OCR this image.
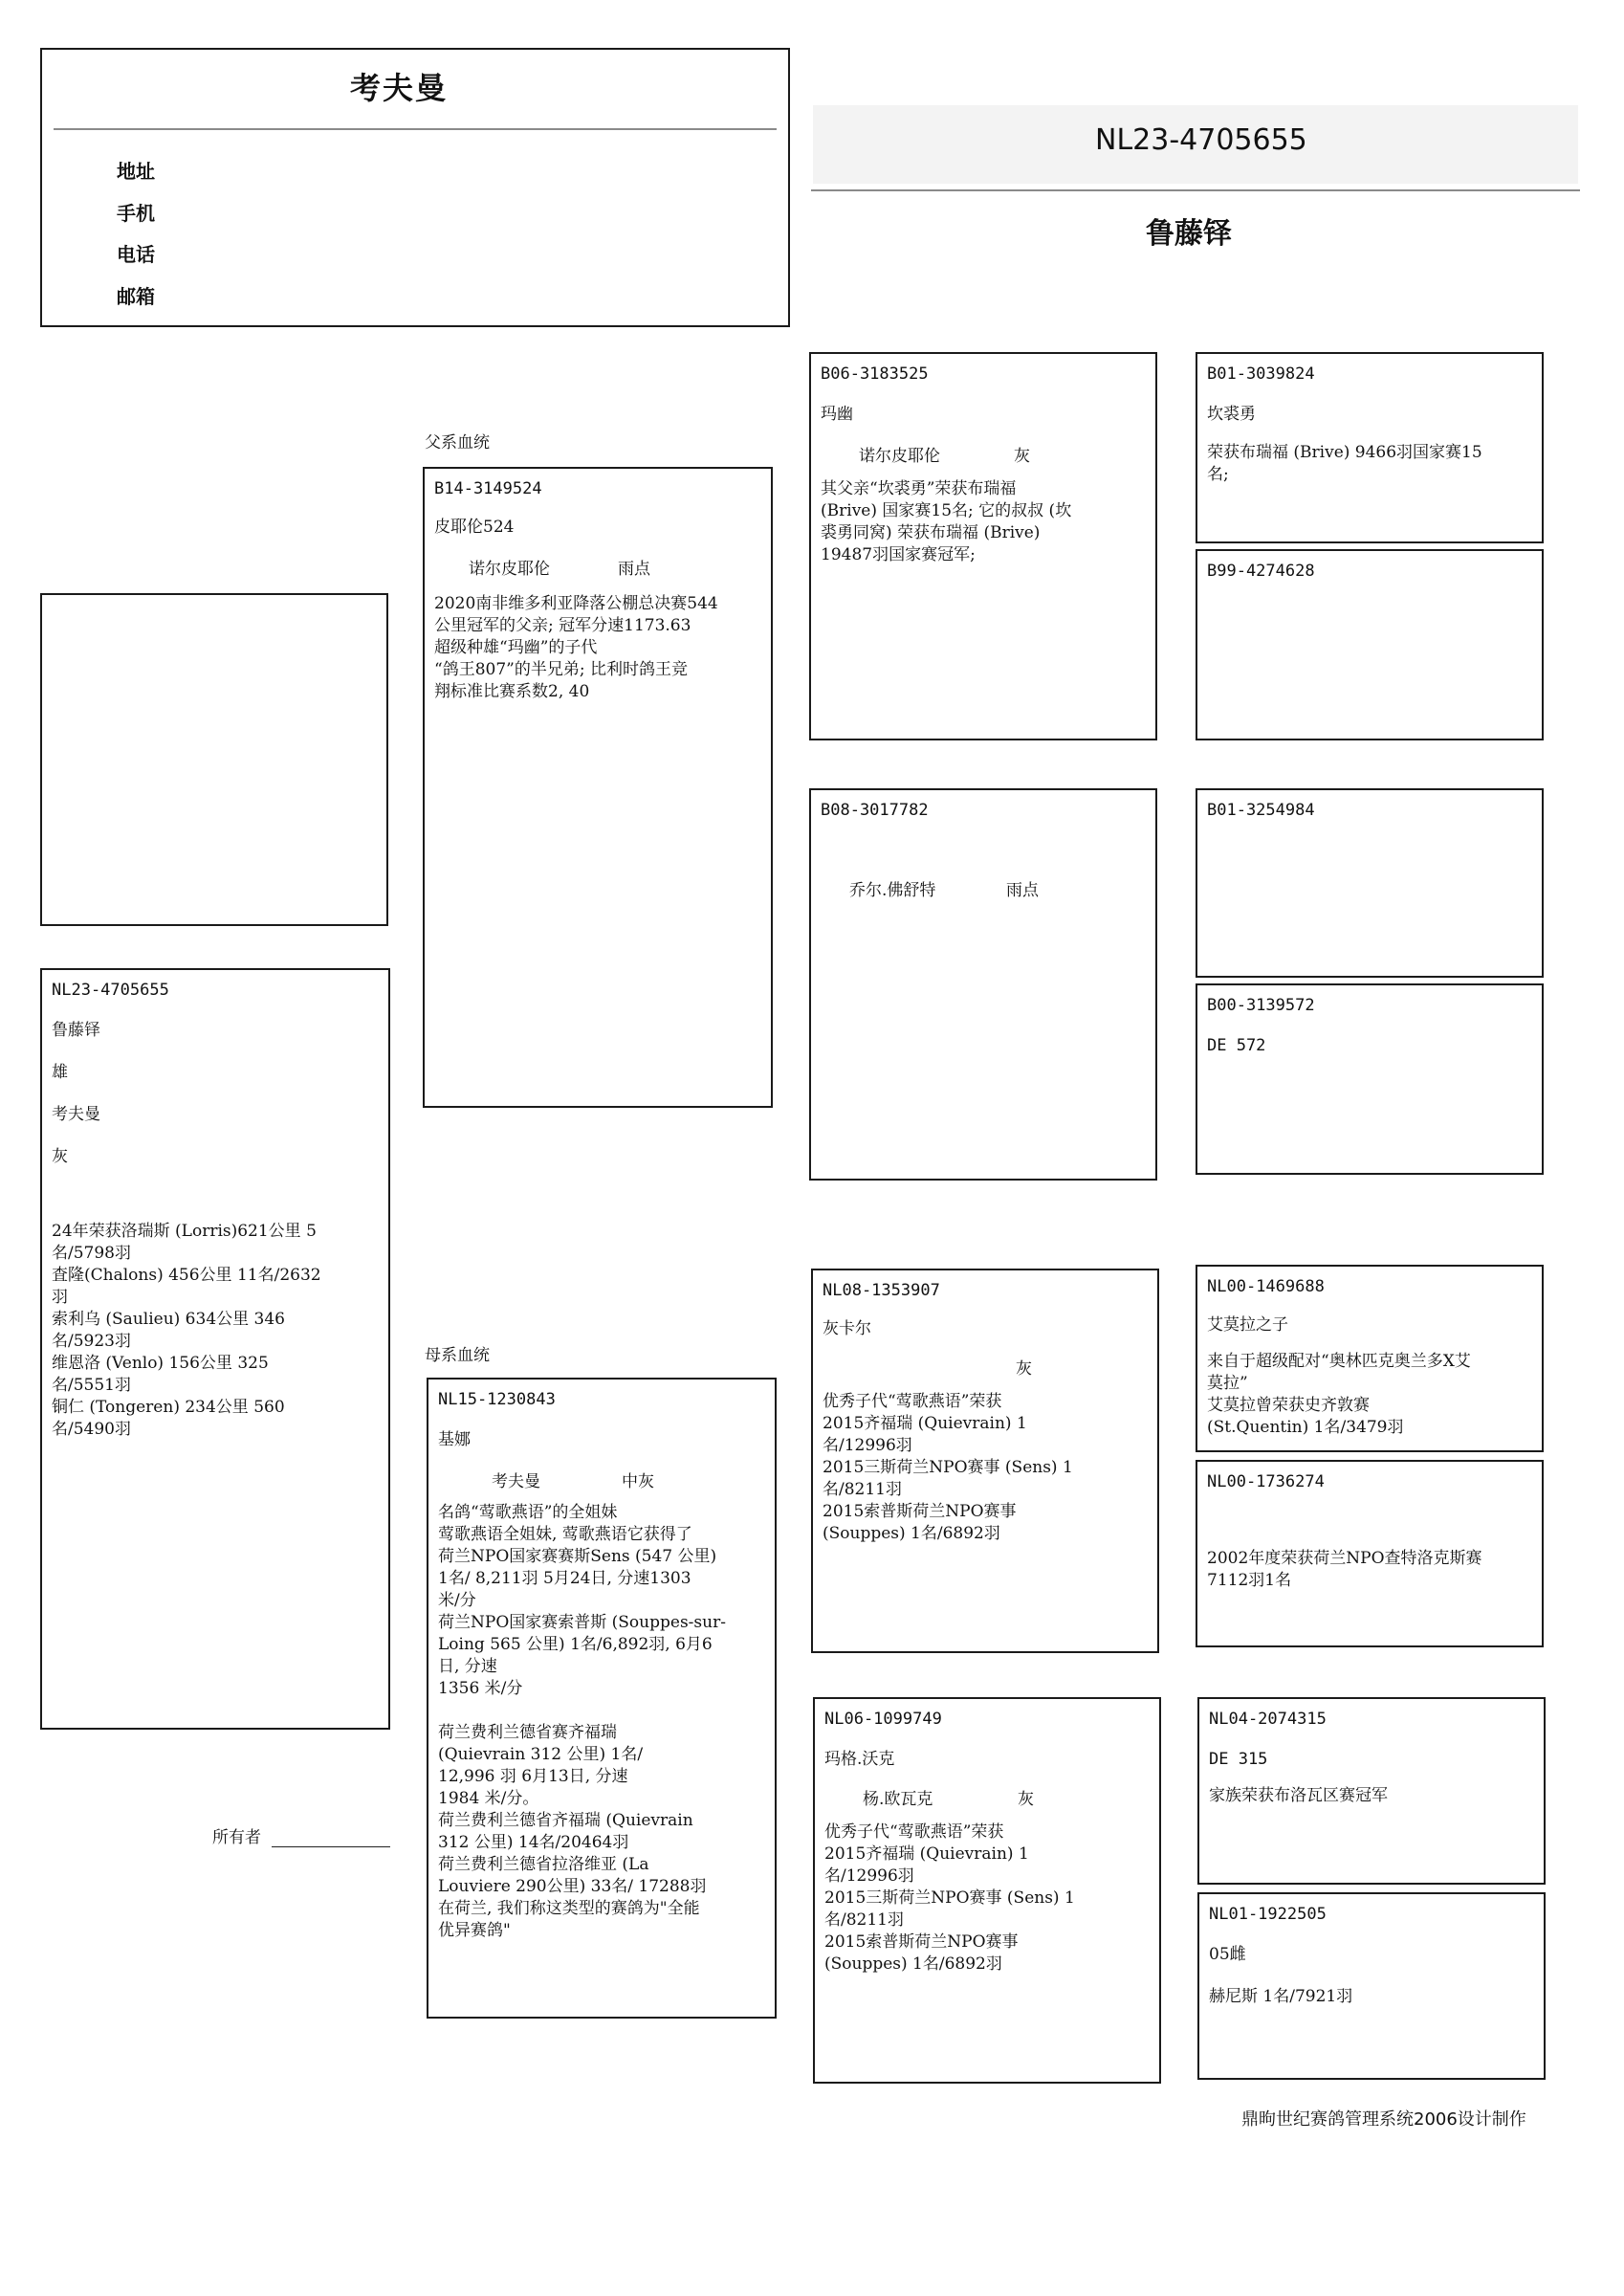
考夫曼
地址
手机
电话
邮箱
NL23-4705655
鲁藤铎
NL23-4705655
鲁藤铎
雄
考夫曼
灰
24年荣获洛瑞斯 (Lorris)621公里 5
名/5798羽
査隆(Chalons) 456公里 11名/2632
羽
索利乌 (Saulieu) 634公里 346
名/5923羽
维恩洛 (Venlo) 156公里 325
名/5551羽
铜仁 (Tongeren) 234公里 560
名/5490羽
所有者
父系血统
B14-3149524
皮耶伦524
诺尔皮耶伦	雨点
2020南非维多利亚降落公棚总决赛544
公里冠军的父亲; 冠军分速1173.63
超级种雄“玛幽”的子代
“鸽王807”的半兄弟; 比利时鸽王竞
翔标准比赛系数2, 40
母系血统
NL15-1230843
基娜
考夫曼	中灰
名鸽“莺歌燕语”的全姐妹
莺歌燕语全姐妹, 莺歌燕语它获得了
荷兰NPO国家赛赛斯Sens (547 公里)
1名/ 8,211羽 5月24日, 分速1303
米/分
荷兰NPO国家赛索普斯 (Souppes-sur-
Loing 565 公里) 1名/6,892羽, 6月6
日, 分速
1356 米/分

荷兰费利兰德省赛齐福瑞
(Quievrain 312 公里) 1名/
12,996 羽 6月13日, 分速
1984 米/分。
荷兰费利兰德省齐福瑞 (Quievrain
312 公里) 14名/20464羽
荷兰费利兰德省拉洛维亚 (La
Louviere 290公里) 33名/ 17288羽
在荷兰, 我们称这类型的赛鸽为"全能
优异赛鸽"
B06-3183525
玛幽
诺尔皮耶伦	灰
其父亲“坎裘勇”荣获布瑞福
(Brive) 国家赛15名; 它的叔叔 (坎
裘勇同窝) 荣获布瑞福 (Brive)
19487羽国家赛冠军;
B08-3017782
乔尔.佛舒特	雨点
NL08-1353907
灰卡尔
灰
优秀子代“莺歌燕语”荣获
2015齐福瑞 (Quievrain) 1
名/12996羽
2015三斯荷兰NPO赛事 (Sens) 1
名/8211羽
2015索普斯荷兰NPO赛事
(Souppes) 1名/6892羽
NL06-1099749
玛格.沃克
杨.欧瓦克	灰
优秀子代“莺歌燕语”荣获
2015齐福瑞 (Quievrain) 1
名/12996羽
2015三斯荷兰NPO赛事 (Sens) 1
名/8211羽
2015索普斯荷兰NPO赛事
(Souppes) 1名/6892羽
B01-3039824
坎裘勇
荣获布瑞福 (Brive) 9466羽国家赛15
名;
B99-4274628
B01-3254984
B00-3139572
DE 572
NL00-1469688
艾莫拉之子
来自于超级配对“奥林匹克奥兰多X艾
莫拉”
艾莫拉曾荣获史齐敦赛
(St.Quentin) 1名/3479羽
NL00-1736274
2002年度荣获荷兰NPO查特洛克斯赛
7112羽1名
NL04-2074315
DE 315
家族荣获布洛瓦区赛冠军
NL01-1922505
05雌
赫尼斯 1名/7921羽
鼎昫世纪赛鸽管理系统2006设计制作
